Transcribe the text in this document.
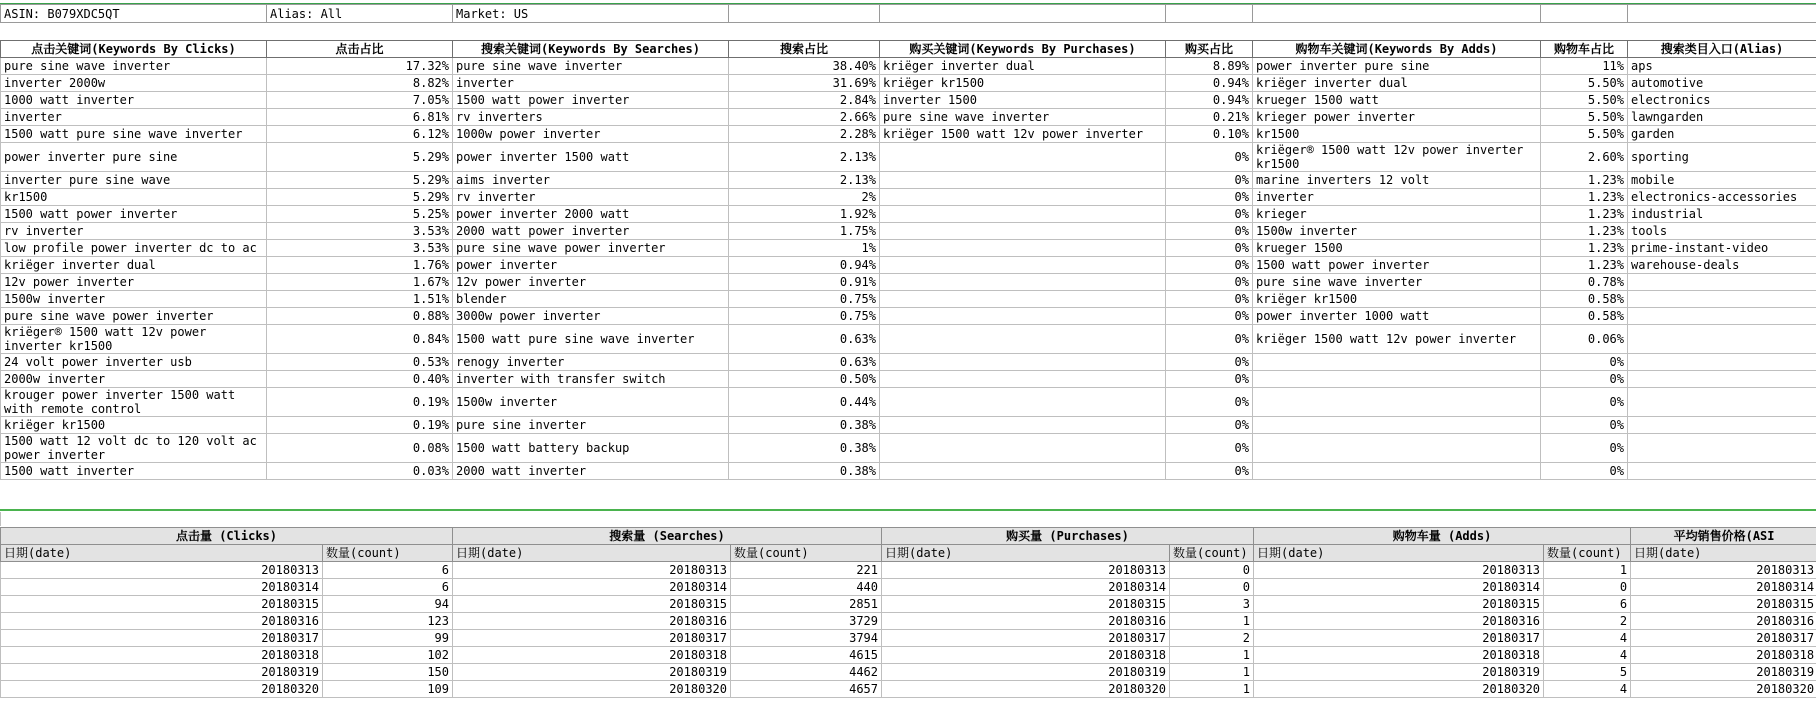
ASIN: B079XDC5QT	Alias: All	Market: US						
点击关键词(Keywords By Clicks)	点击占比	搜索关键词(Keywords By Searches)	搜索占比	购买关键词(Keywords By Purchases)	购买占比	购物车关键词(Keywords By Adds)	购物车占比	搜索类目入口(Alias)
pure sine wave inverter	17.32%	pure sine wave inverter	38.40%	kriëger inverter dual	8.89%	power inverter pure sine	11%	aps
inverter 2000w	8.82%	inverter	31.69%	kriëger kr1500	0.94%	kriëger inverter dual	5.50%	automotive
1000 watt inverter	7.05%	1500 watt power inverter	2.84%	inverter 1500	0.94%	krueger 1500 watt	5.50%	electronics
inverter	6.81%	rv inverters	2.66%	pure sine wave inverter	0.21%	krieger power inverter	5.50%	lawngarden
1500 watt pure sine wave inverter	6.12%	1000w power inverter	2.28%	kriëger 1500 watt 12v power inverter	0.10%	kr1500	5.50%	garden
power inverter pure sine	5.29%	power inverter 1500 watt	2.13%		0%	kriëger® 1500 watt 12v power inverter kr1500	2.60%	sporting
inverter pure sine wave	5.29%	aims inverter	2.13%		0%	marine inverters 12 volt	1.23%	mobile
kr1500	5.29%	rv inverter	2%		0%	inverter	1.23%	electronics-accessories
1500 watt power inverter	5.25%	power inverter 2000 watt	1.92%		0%	krieger	1.23%	industrial
rv inverter	3.53%	2000 watt power inverter	1.75%		0%	1500w inverter	1.23%	tools
low profile power inverter dc to ac	3.53%	pure sine wave power inverter	1%		0%	krueger 1500	1.23%	prime-instant-video
kriëger inverter dual	1.76%	power inverter	0.94%		0%	1500 watt power inverter	1.23%	warehouse-deals
12v power inverter	1.67%	12v power inverter	0.91%		0%	pure sine wave inverter	0.78%	
1500w inverter	1.51%	blender	0.75%		0%	kriëger kr1500	0.58%	
pure sine wave power inverter	0.88%	3000w power inverter	0.75%		0%	power inverter 1000 watt	0.58%	
kriëger® 1500 watt 12v power inverter kr1500	0.84%	1500 watt pure sine wave inverter	0.63%		0%	kriëger 1500 watt 12v power inverter	0.06%	
24 volt power inverter usb	0.53%	renogy inverter	0.63%		0%		0%	
2000w inverter	0.40%	inverter with transfer switch	0.50%		0%		0%	
krouger power inverter 1500 watt with remote control	0.19%	1500w inverter	0.44%		0%		0%	
kriëger kr1500	0.19%	pure sine inverter	0.38%		0%		0%	
1500 watt 12 volt dc to 120 volt ac power inverter	0.08%	1500 watt battery backup	0.38%		0%		0%	
1500 watt inverter	0.03%	2000 watt inverter	0.38%		0%		0%	
点击量 (Clicks)		搜索量 (Searches)		购买量 (Purchases)		购物车量 (Adds)		平均销售价格(ASI
日期(date)	数量(count)	日期(date)	数量(count)	日期(date)	数量(count)	日期(date)	数量(count)	日期(date)
20180313	6	20180313	221	20180313	0	20180313	1	20180313
20180314	6	20180314	440	20180314	0	20180314	0	20180314
20180315	94	20180315	2851	20180315	3	20180315	6	20180315
20180316	123	20180316	3729	20180316	1	20180316	2	20180316
20180317	99	20180317	3794	20180317	2	20180317	4	20180317
20180318	102	20180318	4615	20180318	1	20180318	4	20180318
20180319	150	20180319	4462	20180319	1	20180319	5	20180319
20180320	109	20180320	4657	20180320	1	20180320	4	20180320
